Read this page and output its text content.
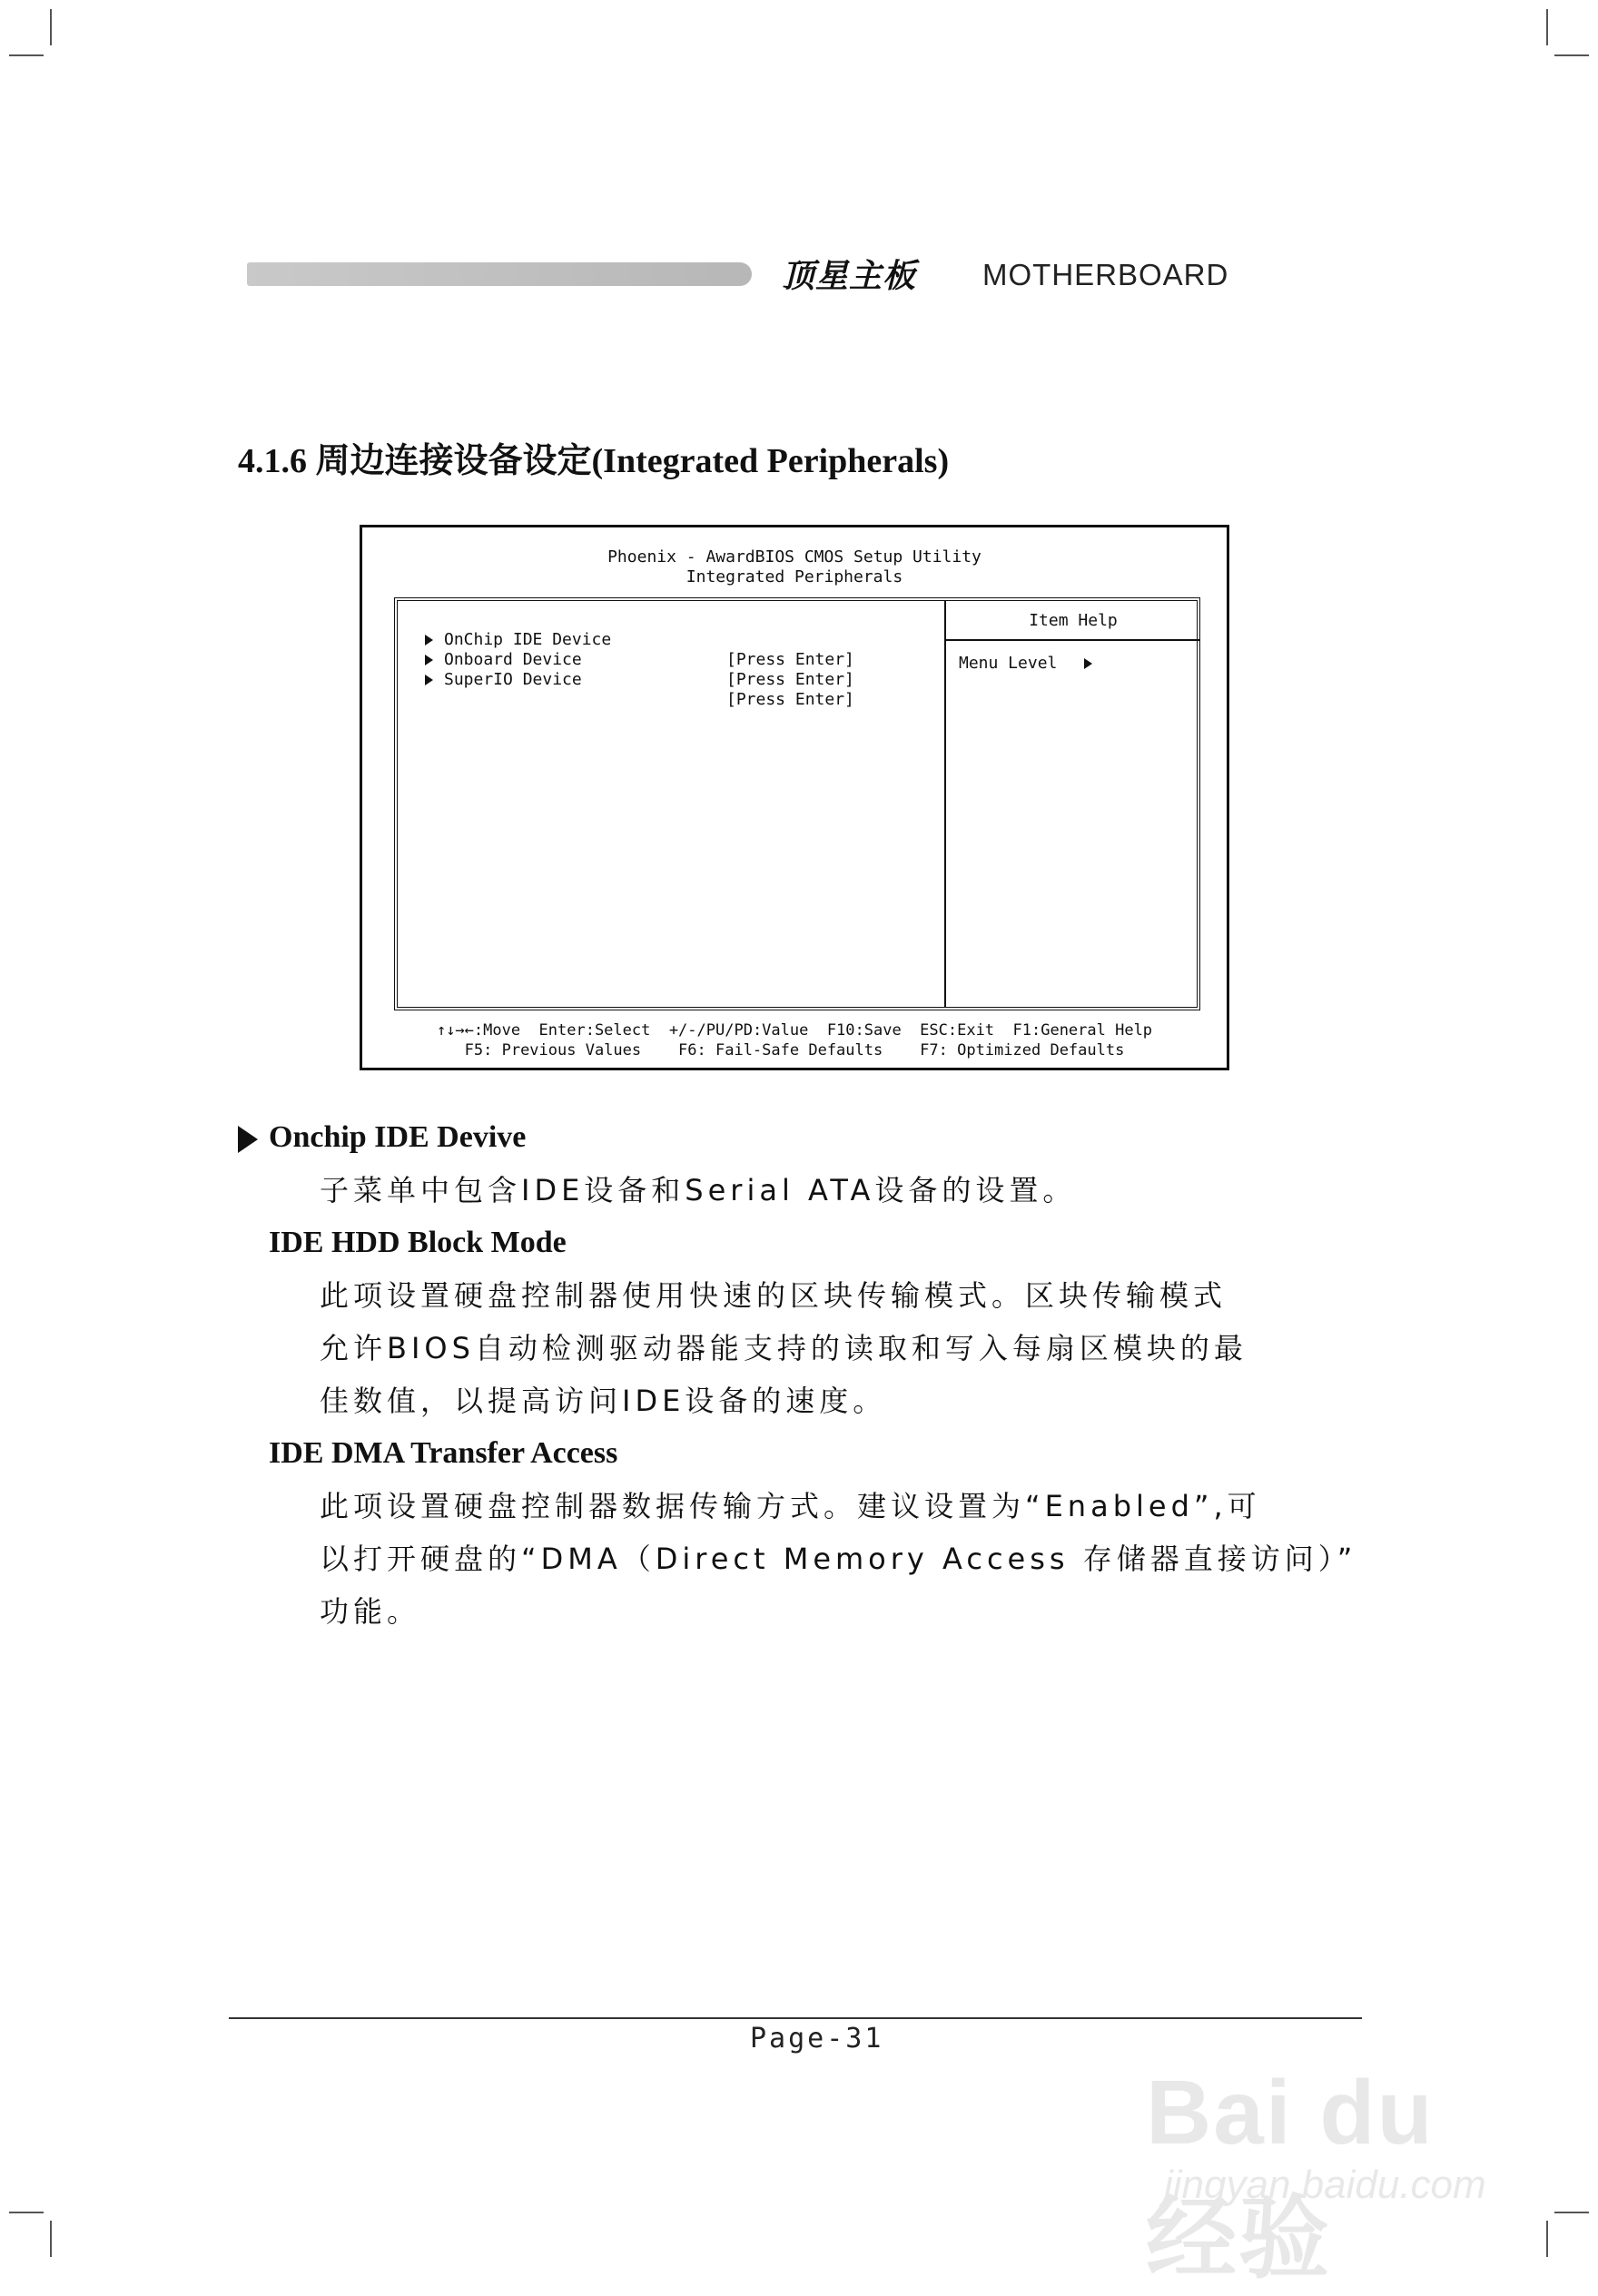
顶星主板 MOTHERBOARD
4.1.6 周边连接设备设定(Integrated Peripherals)
Phoenix - AwardBIOS CMOS Setup Utility
Integrated Peripherals

OnChip IDE Device

[Press Enter]

Onboard Device

[Press Enter]

SuperIO Device

[Press Enter]

Item Help
Menu Level
↑↓→←:Move  Enter:Select  +/-/PU/PD:Value  F10:Save  ESC:Exit  F1:General Help
F5: Previous Values    F6: Fail-Safe Defaults    F7: Optimized Defaults
Onchip IDE Devive
子菜单中包含IDE设备和Serial ATA设备的设置。
IDE HDD Block Mode
此项设置硬盘控制器使用快速的区块传输模式。区块传输模式
允许BIOS自动检测驱动器能支持的读取和写入每扇区模块的最
佳数值，以提高访问IDE设备的速度。
IDE DMA Transfer Access
此项设置硬盘控制器数据传输方式。建议设置为“Enabled”,可
以打开硬盘的“DMA（Direct Memory Access 存储器直接访问）”
功能。
Page-31
Bai du 经验
jingyan.baidu.com
